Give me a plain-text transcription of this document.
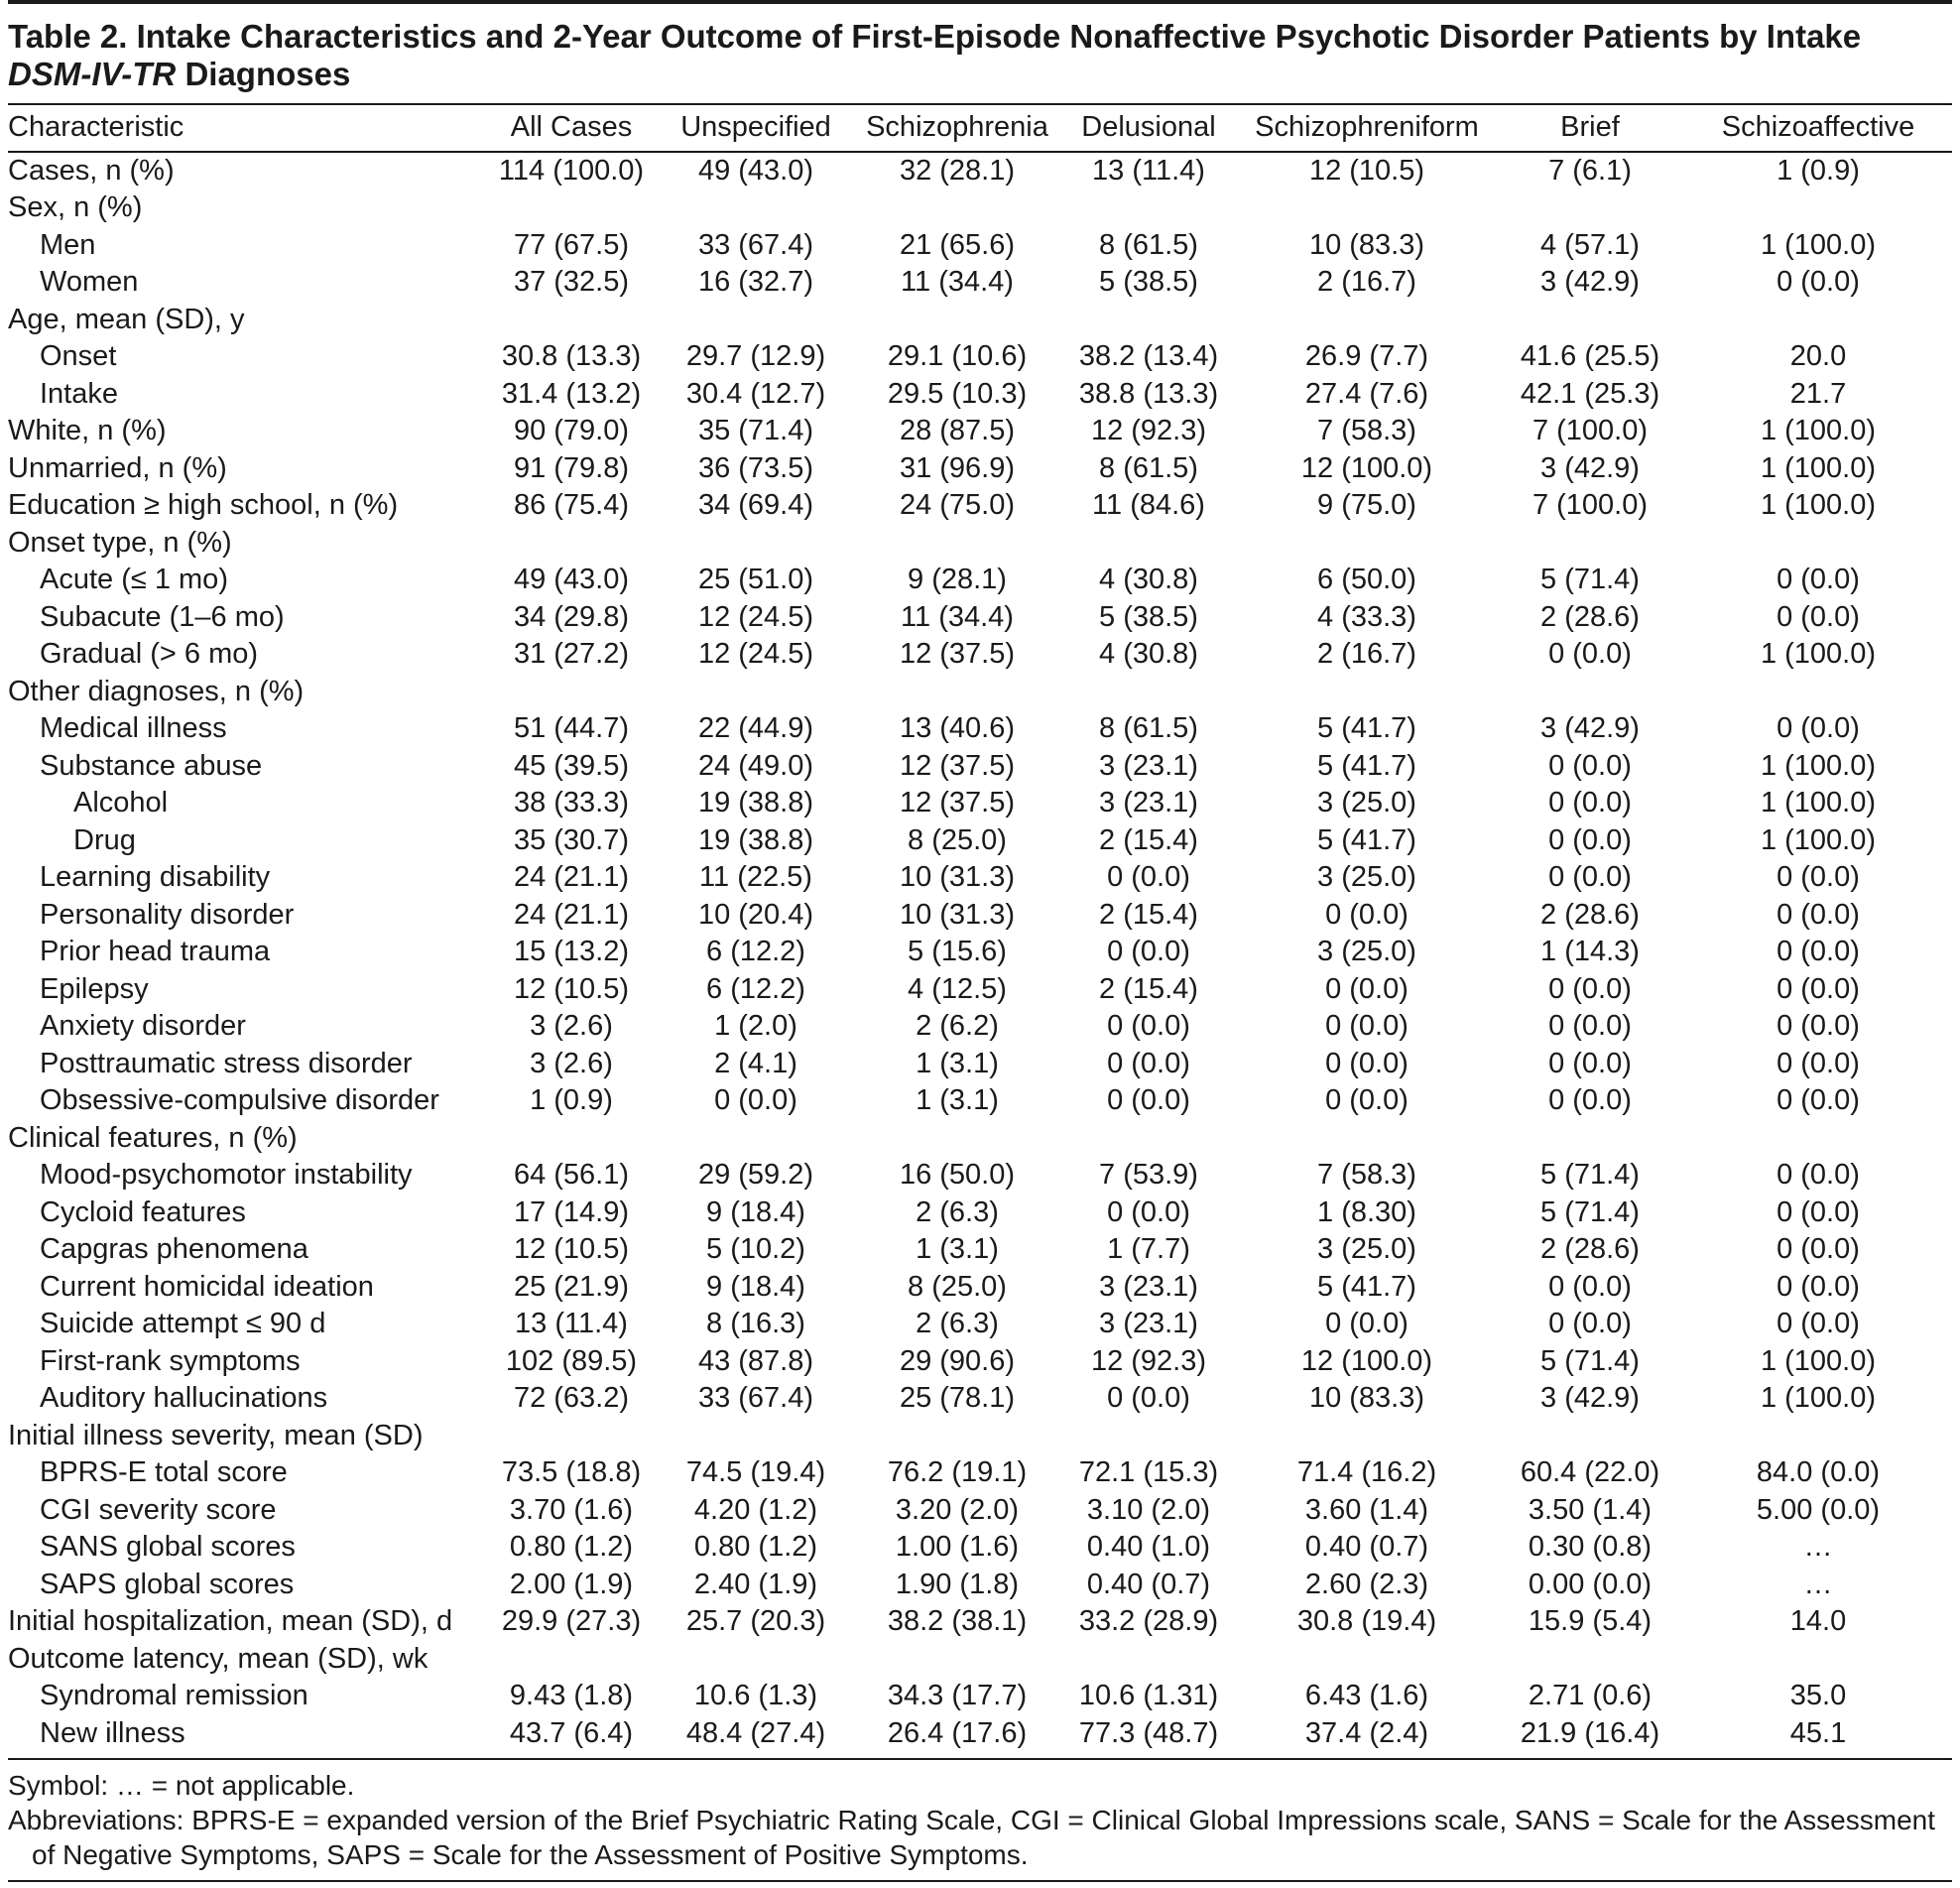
Table 2. Intake Characteristics and 2-Year Outcome of First-Episode Nonaffective Psychotic Disorder Patients by Intake
DSM-IV-TR Diagnoses
Characteristic	All Cases	Unspecified	Schizophrenia	Delusional	Schizophreniform	Brief	Schizoaffective
Cases, n (%)	114 (100.0)	49 (43.0)	32 (28.1)	13 (11.4)	12 (10.5)	7 (6.1)	1 (0.9)
Sex, n (%)							
Men	77 (67.5)	33 (67.4)	21 (65.6)	8 (61.5)	10 (83.3)	4 (57.1)	1 (100.0)
Women	37 (32.5)	16 (32.7)	11 (34.4)	5 (38.5)	2 (16.7)	3 (42.9)	0 (0.0)
Age, mean (SD), y							
Onset	30.8 (13.3)	29.7 (12.9)	29.1 (10.6)	38.2 (13.4)	26.9 (7.7)	41.6 (25.5)	20.0
Intake	31.4 (13.2)	30.4 (12.7)	29.5 (10.3)	38.8 (13.3)	27.4 (7.6)	42.1 (25.3)	21.7
White, n (%)	90 (79.0)	35 (71.4)	28 (87.5)	12 (92.3)	7 (58.3)	7 (100.0)	1 (100.0)
Unmarried, n (%)	91 (79.8)	36 (73.5)	31 (96.9)	8 (61.5)	12 (100.0)	3 (42.9)	1 (100.0)
Education ≥ high school, n (%)	86 (75.4)	34 (69.4)	24 (75.0)	11 (84.6)	9 (75.0)	7 (100.0)	1 (100.0)
Onset type, n (%)							
Acute (≤ 1 mo)	49 (43.0)	25 (51.0)	9 (28.1)	4 (30.8)	6 (50.0)	5 (71.4)	0 (0.0)
Subacute (1–6 mo)	34 (29.8)	12 (24.5)	11 (34.4)	5 (38.5)	4 (33.3)	2 (28.6)	0 (0.0)
Gradual (> 6 mo)	31 (27.2)	12 (24.5)	12 (37.5)	4 (30.8)	2 (16.7)	0 (0.0)	1 (100.0)
Other diagnoses, n (%)							
Medical illness	51 (44.7)	22 (44.9)	13 (40.6)	8 (61.5)	5 (41.7)	3 (42.9)	0 (0.0)
Substance abuse	45 (39.5)	24 (49.0)	12 (37.5)	3 (23.1)	5 (41.7)	0 (0.0)	1 (100.0)
Alcohol	38 (33.3)	19 (38.8)	12 (37.5)	3 (23.1)	3 (25.0)	0 (0.0)	1 (100.0)
Drug	35 (30.7)	19 (38.8)	8 (25.0)	2 (15.4)	5 (41.7)	0 (0.0)	1 (100.0)
Learning disability	24 (21.1)	11 (22.5)	10 (31.3)	0 (0.0)	3 (25.0)	0 (0.0)	0 (0.0)
Personality disorder	24 (21.1)	10 (20.4)	10 (31.3)	2 (15.4)	0 (0.0)	2 (28.6)	0 (0.0)
Prior head trauma	15 (13.2)	6 (12.2)	5 (15.6)	0 (0.0)	3 (25.0)	1 (14.3)	0 (0.0)
Epilepsy	12 (10.5)	6 (12.2)	4 (12.5)	2 (15.4)	0 (0.0)	0 (0.0)	0 (0.0)
Anxiety disorder	3 (2.6)	1 (2.0)	2 (6.2)	0 (0.0)	0 (0.0)	0 (0.0)	0 (0.0)
Posttraumatic stress disorder	3 (2.6)	2 (4.1)	1 (3.1)	0 (0.0)	0 (0.0)	0 (0.0)	0 (0.0)
Obsessive-compulsive disorder	1 (0.9)	0 (0.0)	1 (3.1)	0 (0.0)	0 (0.0)	0 (0.0)	0 (0.0)
Clinical features, n (%)							
Mood-psychomotor instability	64 (56.1)	29 (59.2)	16 (50.0)	7 (53.9)	7 (58.3)	5 (71.4)	0 (0.0)
Cycloid features	17 (14.9)	9 (18.4)	2 (6.3)	0 (0.0)	1 (8.30)	5 (71.4)	0 (0.0)
Capgras phenomena	12 (10.5)	5 (10.2)	1 (3.1)	1 (7.7)	3 (25.0)	2 (28.6)	0 (0.0)
Current homicidal ideation	25 (21.9)	9 (18.4)	8 (25.0)	3 (23.1)	5 (41.7)	0 (0.0)	0 (0.0)
Suicide attempt ≤ 90 d	13 (11.4)	8 (16.3)	2 (6.3)	3 (23.1)	0 (0.0)	0 (0.0)	0 (0.0)
First-rank symptoms	102 (89.5)	43 (87.8)	29 (90.6)	12 (92.3)	12 (100.0)	5 (71.4)	1 (100.0)
Auditory hallucinations	72 (63.2)	33 (67.4)	25 (78.1)	0 (0.0)	10 (83.3)	3 (42.9)	1 (100.0)
Initial illness severity, mean (SD)							
BPRS-E total score	73.5 (18.8)	74.5 (19.4)	76.2 (19.1)	72.1 (15.3)	71.4 (16.2)	60.4 (22.0)	84.0 (0.0)
CGI severity score	3.70 (1.6)	4.20 (1.2)	3.20 (2.0)	3.10 (2.0)	3.60 (1.4)	3.50 (1.4)	5.00 (0.0)
SANS global scores	0.80 (1.2)	0.80 (1.2)	1.00 (1.6)	0.40 (1.0)	0.40 (0.7)	0.30 (0.8)	…
SAPS global scores	2.00 (1.9)	2.40 (1.9)	1.90 (1.8)	0.40 (0.7)	2.60 (2.3)	0.00 (0.0)	…
Initial hospitalization, mean (SD), d	29.9 (27.3)	25.7 (20.3)	38.2 (38.1)	33.2 (28.9)	30.8 (19.4)	15.9 (5.4)	14.0
Outcome latency, mean (SD), wk							
Syndromal remission	9.43 (1.8)	10.6 (1.3)	34.3 (17.7)	10.6 (1.31)	6.43 (1.6)	2.71 (0.6)	35.0
New illness	43.7 (6.4)	48.4 (27.4)	26.4 (17.6)	77.3 (48.7)	37.4 (2.4)	21.9 (16.4)	45.1

Symbol: … = not applicable.

Abbreviations: BPRS-E = expanded version of the Brief Psychiatric Rating Scale, CGI = Clinical Global Impressions scale, SANS = Scale for the Assessment

of Negative Symptoms, SAPS = Scale for the Assessment of Positive Symptoms.
